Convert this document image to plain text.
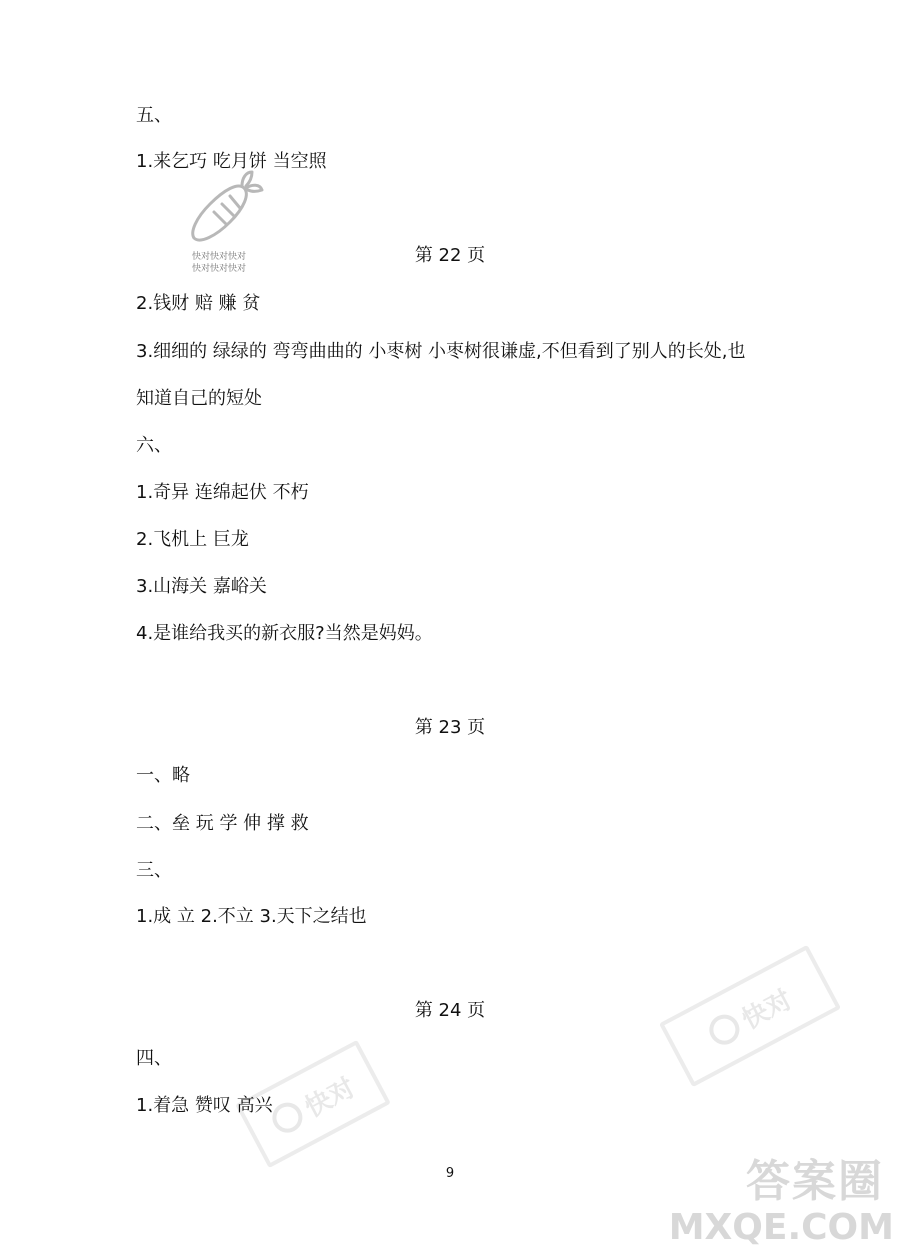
快对快对快对
快对快对快对
快对
快对
五、
1.来乞巧 吃月饼 当空照
第 22 页
2.钱财 赔 赚 贫
3.细细的 绿绿的 弯弯曲曲的 小枣树 小枣树很谦虚,不但看到了别人的长处,也
知道自己的短处
六、
1.奇异 连绵起伏 不朽
2.飞机上 巨龙
3.山海关 嘉峪关
4.是谁给我买的新衣服?当然是妈妈。
第 23 页
一、略
二、垒 玩 学 伸 撑 救
三、
1.成 立 2.不立 3.天下之结也
第 24 页
四、
1.着急 赞叹 高兴
9	答案圈
MXQE.COM
